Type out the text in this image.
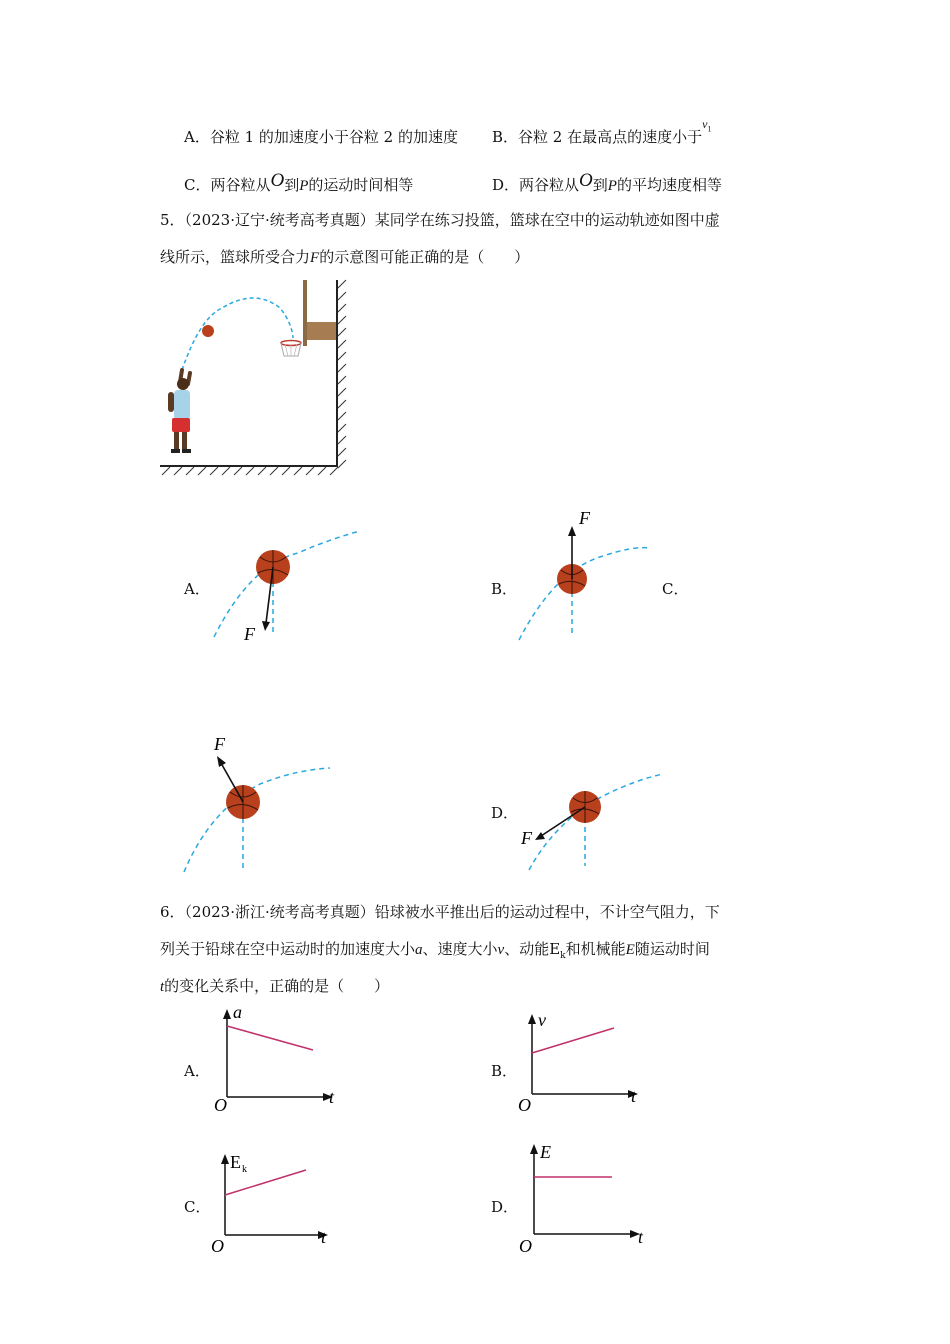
A．谷粒 1 的加速度小于谷粒 2 的加速度 B．谷粒 2 在最高点的速度小于$^{v_1}$
C．两谷粒从O到P的运动时间相等	D．两谷粒从O到P的平均速度相等
5．（2023·辽宁·统考高考真题）某同学在练习投篮，篮球在空中的运动轨迹如图中虚
线所示，篮球所受合力F的示意图可能正确的是（　　）
A．
F
B．
F
C．
F
D．
F
6．（2023·浙江·统考高考真题）铅球被水平推出后的运动过程中，不计空气阻力，下
列关于铅球在空中运动时的加速度大小a、速度大小v、动能$E_k$和机械能E随运动时间
t的变化关系中，正确的是（　　）
A．
a
t
O
B．
v
t
O
C．
E k
t
O
D．
E
t
O
